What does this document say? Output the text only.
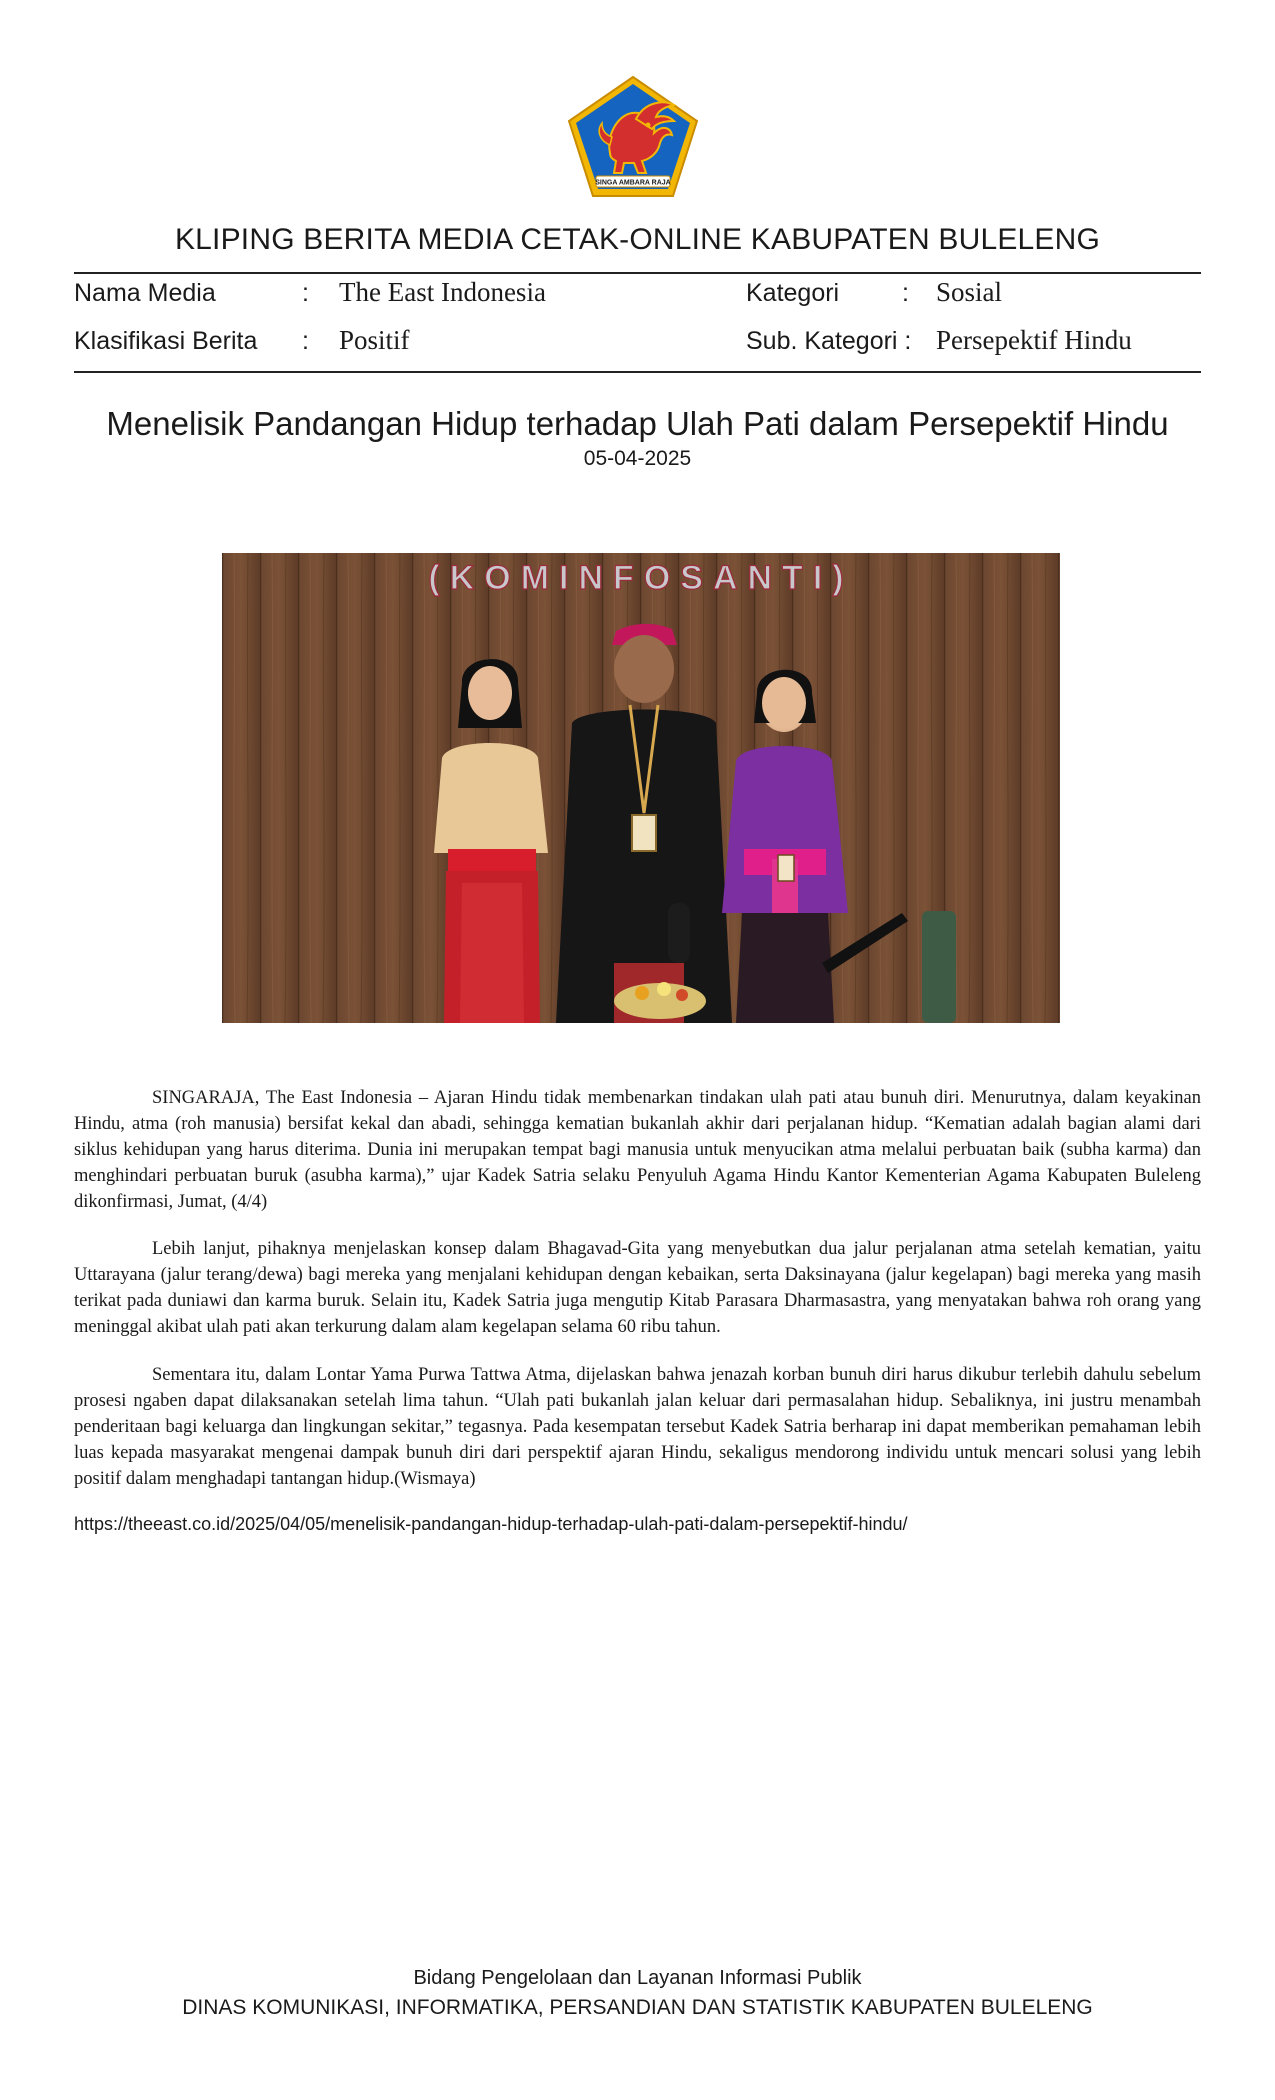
SINGA AMBARA RAJA
KLIPING BERITA MEDIA CETAK-ONLINE KABUPATEN BULELENG
Nama Media	: The East Indonesia	Kategori	: Sosial
Klasifikasi Berita : Positif	Sub. Kategori : Persepektif Hindu
Menelisik Pandangan Hidup terhadap Ulah Pati dalam Persepektif Hindu
05-04-2025
(KOMINFOSANTI)

SINGARAJA, The East Indonesia – Ajaran Hindu tidak membenarkan tindakan ulah pati atau bunuh diri. Menurutnya, dalam keyakinan Hindu, atma (roh manusia) bersifat kekal dan abadi, sehingga kematian bukanlah akhir dari perjalanan hidup. “Kematian adalah bagian alami dari siklus kehidupan yang harus diterima. Dunia ini merupakan tempat bagi manusia untuk menyucikan atma melalui perbuatan baik (subha karma) dan menghindari perbuatan buruk (asubha karma),” ujar Kadek Satria selaku Penyuluh Agama Hindu Kantor Kementerian Agama Kabupaten Buleleng dikonfirmasi, Jumat, (4/4)

Lebih lanjut, pihaknya menjelaskan konsep dalam Bhagavad-Gita yang menyebutkan dua jalur perjalanan atma setelah kematian, yaitu Uttarayana (jalur terang/dewa) bagi mereka yang menjalani kehidupan dengan kebaikan, serta Daksinayana (jalur kegelapan) bagi mereka yang masih terikat pada duniawi dan karma buruk. Selain itu, Kadek Satria juga mengutip Kitab Parasara Dharmasastra, yang menyatakan bahwa roh orang yang meninggal akibat ulah pati akan terkurung dalam alam kegelapan selama 60 ribu tahun.

Sementara itu, dalam Lontar Yama Purwa Tattwa Atma, dijelaskan bahwa jenazah korban bunuh diri harus dikubur terlebih dahulu sebelum prosesi ngaben dapat dilaksanakan setelah lima tahun. “Ulah pati bukanlah jalan keluar dari permasalahan hidup. Sebaliknya, ini justru menambah penderitaan bagi keluarga dan lingkungan sekitar,” tegasnya. Pada kesempatan tersebut Kadek Satria berharap ini dapat memberikan pemahaman lebih luas kepada masyarakat mengenai dampak bunuh diri dari perspektif ajaran Hindu, sekaligus mendorong individu untuk mencari solusi yang lebih positif dalam menghadapi tantangan hidup.(Wismaya)

https://theeast.co.id/2025/04/05/menelisik-pandangan-hidup-terhadap-ulah-pati-dalam-persepektif-hindu/
Bidang Pengelolaan dan Layanan Informasi Publik
DINAS KOMUNIKASI, INFORMATIKA, PERSANDIAN DAN STATISTIK KABUPATEN BULELENG
